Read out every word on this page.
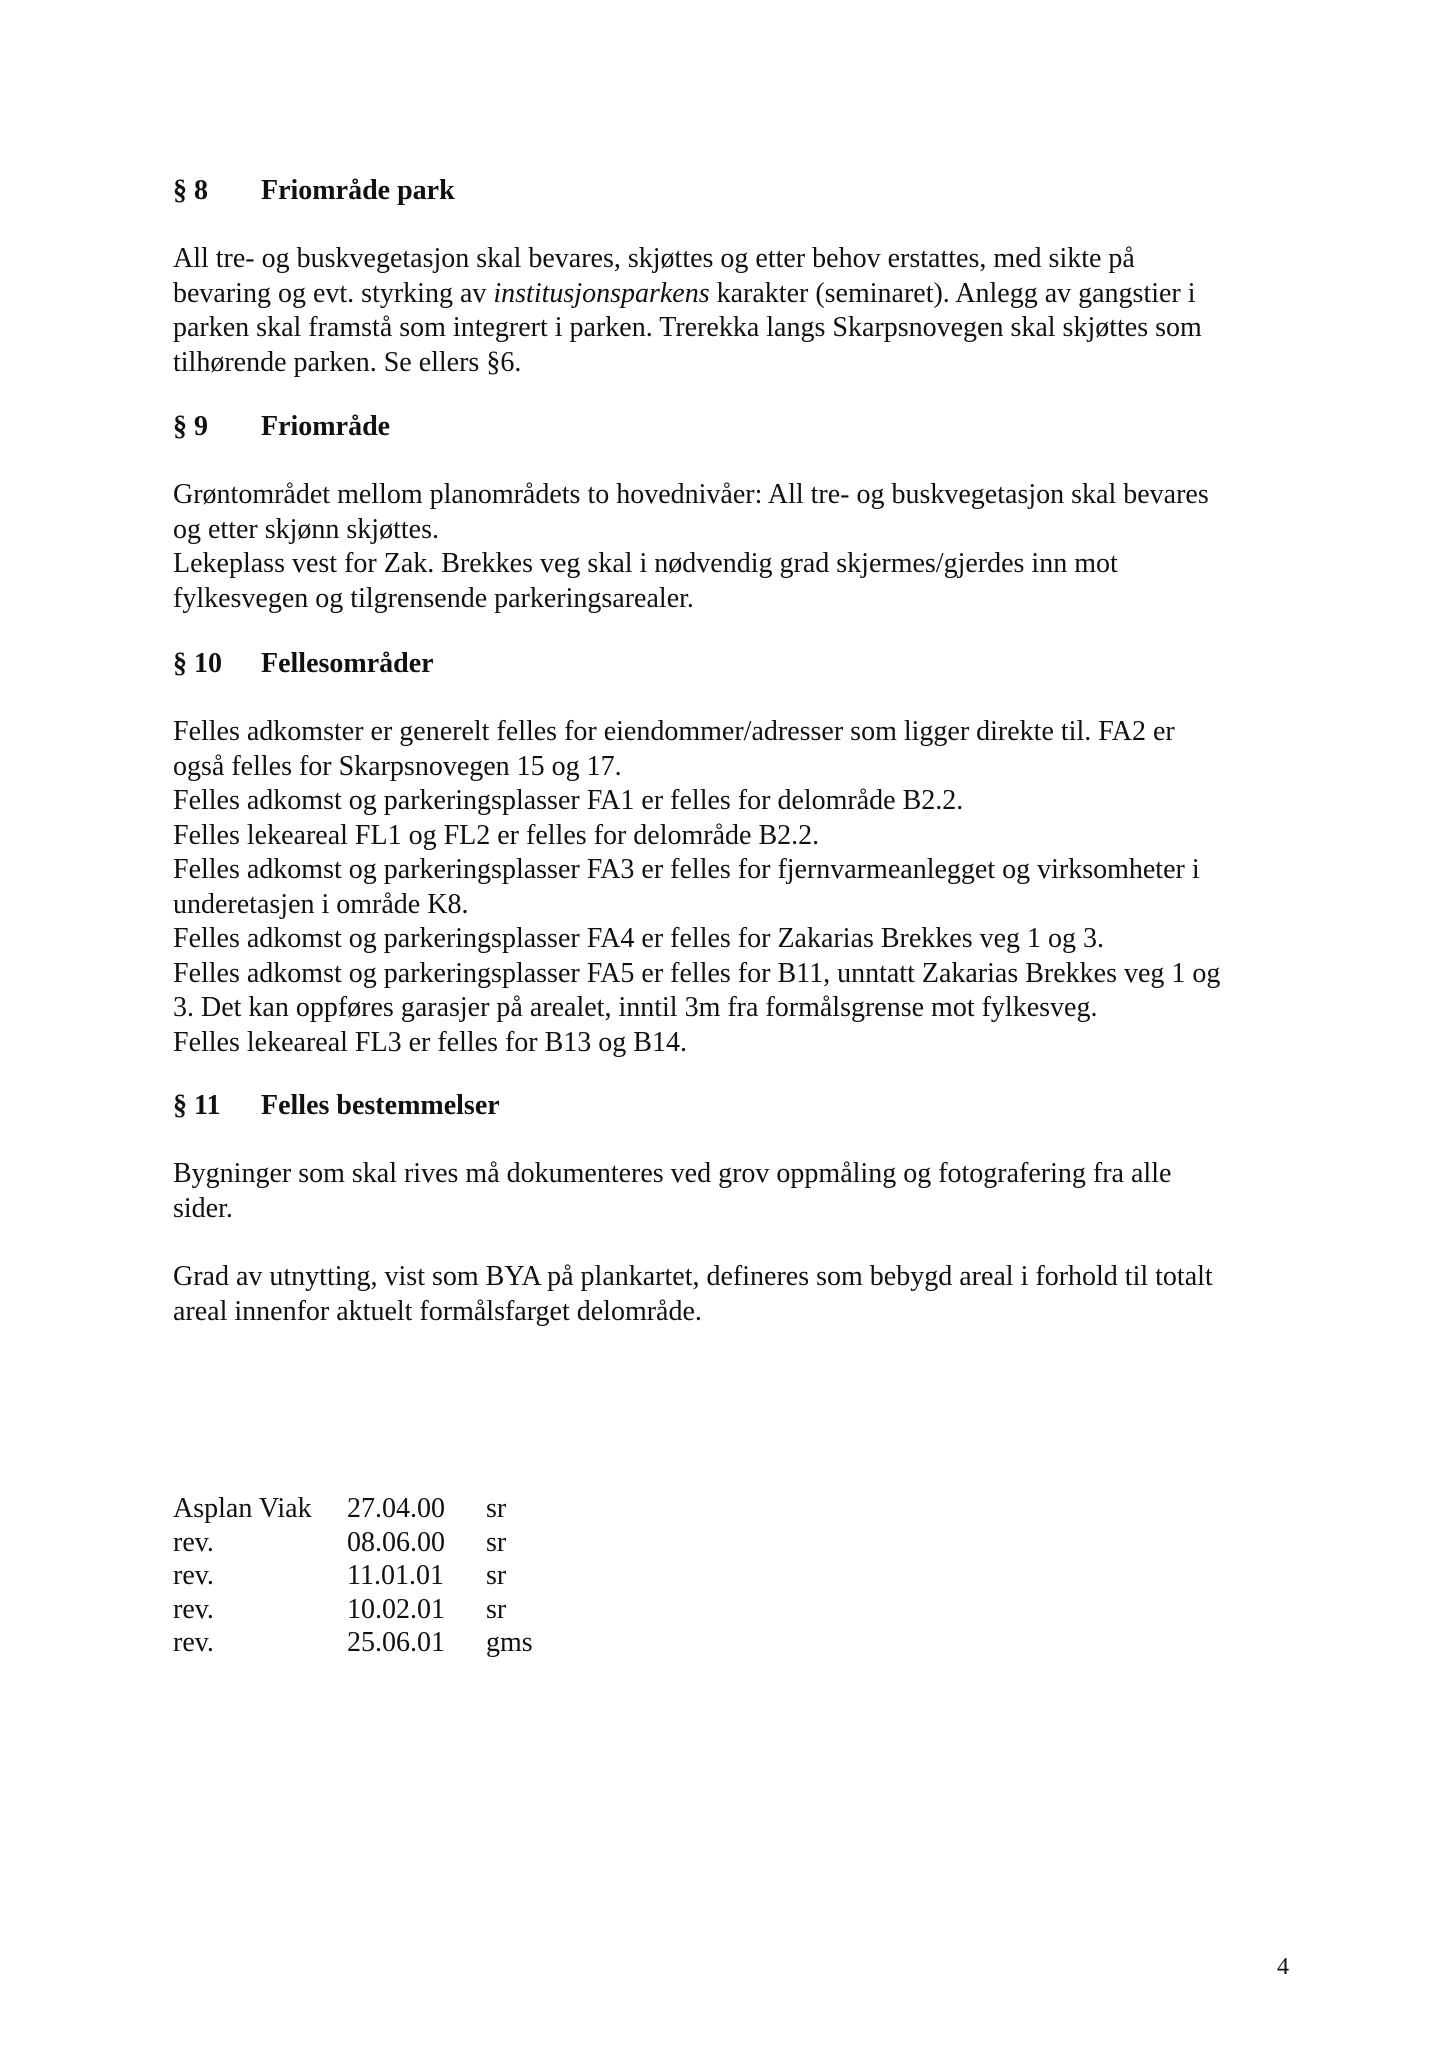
§ 8	Friområde park

All tre- og buskvegetasjon skal bevares, skjøttes og etter behov erstattes, med sikte på
bevaring og evt. styrking av institusjonsparkens karakter (seminaret). Anlegg av gangstier i
parken skal framstå som integrert i parken. Trerekka langs Skarpsnovegen skal skjøttes som
tilhørende parken. Se ellers §6.

§ 9	Friområde

Grøntområdet mellom planområdets to hovednivåer: All tre- og buskvegetasjon skal bevares
og etter skjønn skjøttes.
Lekeplass vest for Zak. Brekkes veg skal i nødvendig grad skjermes/gjerdes inn mot
fylkesvegen og tilgrensende parkeringsarealer.

§ 10	Fellesområder

Felles adkomster er generelt felles for eiendommer/adresser som ligger direkte til. FA2 er
også felles for Skarpsnovegen 15 og 17.
Felles adkomst og parkeringsplasser FA1 er felles for delområde B2.2.
Felles lekeareal FL1 og FL2 er felles for delområde B2.2.
Felles adkomst og parkeringsplasser FA3 er felles for fjernvarmeanlegget og virksomheter i
underetasjen i område K8.
Felles adkomst og parkeringsplasser FA4 er felles for Zakarias Brekkes veg 1 og 3.
Felles adkomst og parkeringsplasser FA5 er felles for B11, unntatt Zakarias Brekkes veg 1 og
3. Det kan oppføres garasjer på arealet, inntil 3m fra formålsgrense mot fylkesveg.
Felles lekeareal FL3 er felles for B13 og B14.

§ 11	Felles bestemmelser

Bygninger som skal rives må dokumenteres ved grov oppmåling og fotografering fra alle
sider.

Grad av utnytting, vist som BYA på plankartet, defineres som bebygd areal i forhold til totalt
areal innenfor aktuelt formålsfarget delområde.

Asplan Viak	27.04.00	sr
rev.	08.06.00	sr
rev.	11.01.01	sr
rev.	10.02.01	sr
rev.	25.06.01	gms
4
